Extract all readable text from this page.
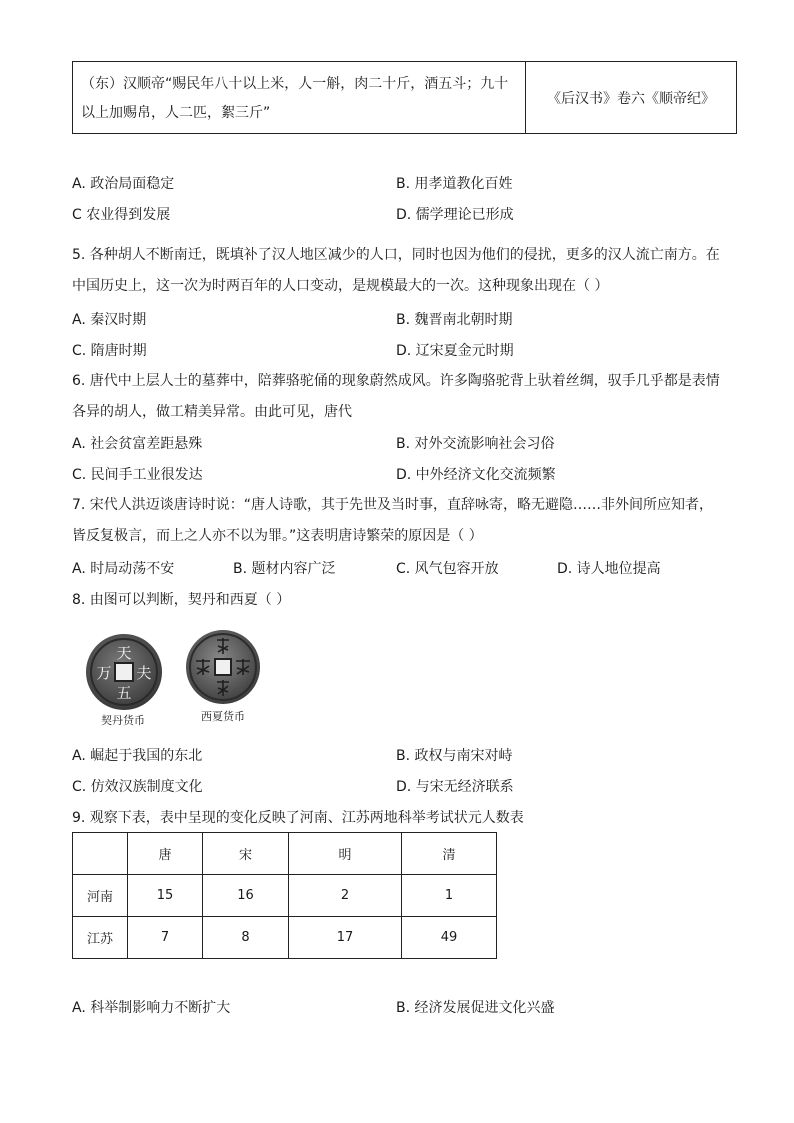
（东）汉顺帝“赐民年八十以上米，人一斛，肉二十斤，酒五斗；九十
以上加赐帛，人二匹，絮三斤”
《后汉书》卷六《顺帝纪》
A. 政治局面稳定	B. 用孝道教化百姓
C 农业得到发展	D. 儒学理论已形成
5. 各种胡人不断南迁，既填补了汉人地区减少的人口，同时也因为他们的侵扰，更多的汉人流亡南方。在
中国历史上，这一次为时两百年的人口变动，是规模最大的一次。这种现象出现在（ ）
A. 秦汉时期	B. 魏晋南北朝时期
C. 隋唐时期	D. 辽宋夏金元时期
6. 唐代中上层人士的墓葬中，陪葬骆驼俑的现象蔚然成风。许多陶骆驼背上驮着丝绸，驭手几乎都是表情
各异的胡人，做工精美异常。由此可见，唐代
A. 社会贫富差距悬殊	B. 对外交流影响社会习俗
C. 民间手工业很发达	D. 中外经济文化交流频繁
7. 宋代人洪迈谈唐诗时说：“唐人诗歌，其于先世及当时事，直辞咏寄，略无避隐……非外间所应知者，
皆反复极言，而上之人亦不以为罪。”这表明唐诗繁荣的原因是（ ）
A. 时局动荡不安	B. 题材内容广泛	C. 风气包容开放	D. 诗人地位提高
8. 由图可以判断，契丹和西夏（ ）
天
五
万 夫
契丹货币	西夏货币
A. 崛起于我国的东北	B. 政权与南宋对峙
C. 仿效汉族制度文化	D. 与宋无经济联系
9. 观察下表，表中呈现的变化反映了河南、江苏两地科举考试状元人数表
	唐	宋	明	清
河南	15	16	2	1
江苏	7	8	17	49
A. 科举制影响力不断扩大	B. 经济发展促进文化兴盛
